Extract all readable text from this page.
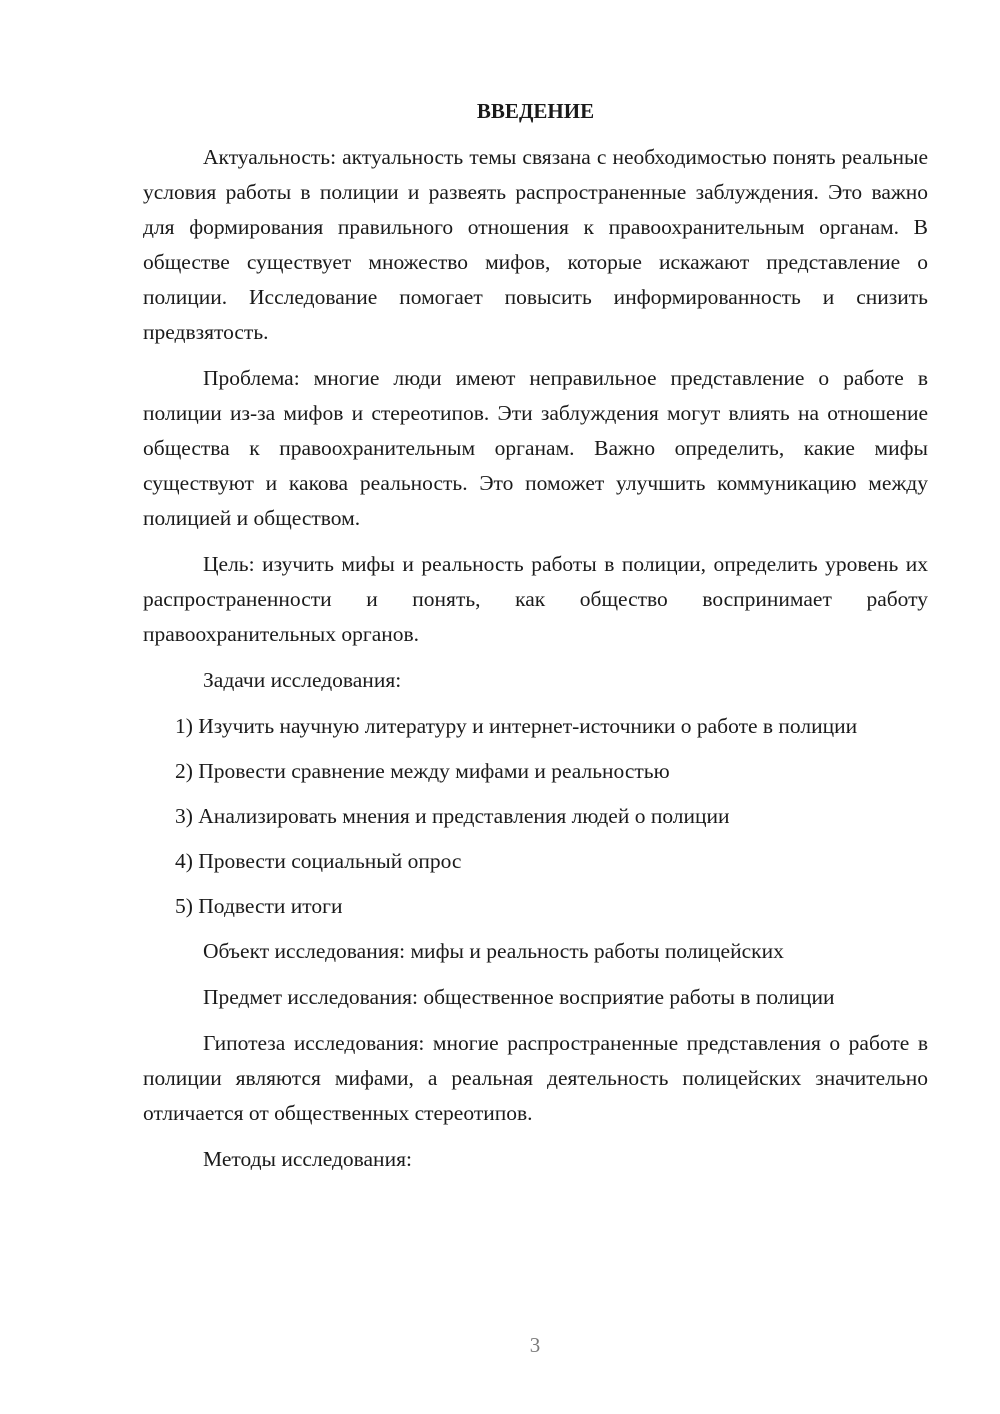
ВВЕДЕНИЕ
Актуальность: актуальность темы связана с необходимостью понять реальные условия работы в полиции и развеять распространенные заблуждения. Это важно для формирования правильного отношения к правоохранительным органам. В обществе существует множество мифов, которые искажают представление о полиции. Исследование помогает повысить информированность и снизить предвзятость.
Проблема: многие люди имеют неправильное представление о работе в полиции из-за мифов и стереотипов. Эти заблуждения могут влиять на отношение общества к правоохранительным органам. Важно определить, какие мифы существуют и какова реальность. Это поможет улучшить коммуникацию между полицией и обществом.
Цель: изучить мифы и реальность работы в полиции, определить уровень их распространенности и понять, как общество воспринимает работу правоохранительных органов.
Задачи исследования:
1) Изучить научную литературу и интернет-источники о работе в полиции
2) Провести сравнение между мифами и реальностью
3) Анализировать мнения и представления людей о полиции
4) Провести социальный опрос
5) Подвести итоги
Объект исследования: мифы и реальность работы полицейских
Предмет исследования: общественное восприятие работы в полиции
Гипотеза исследования: многие распространенные представления о работе в полиции являются мифами, а реальная деятельность полицейских значительно отличается от общественных стереотипов.
Методы исследования:
3
